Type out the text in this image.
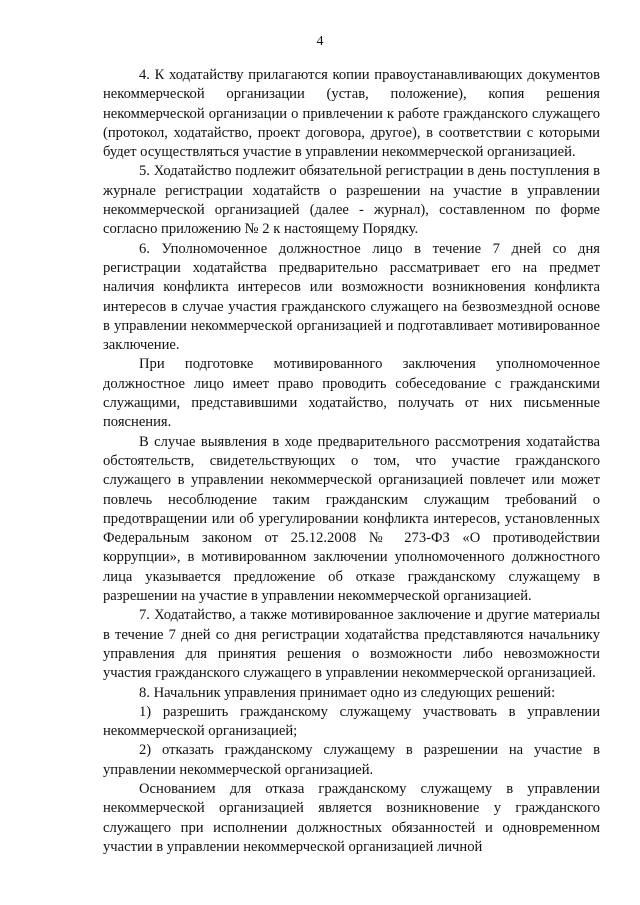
4

4. К ходатайству прилагаются копии правоустанавливающих документов некоммерческой организации (устав, положение), копия решения некоммерческой организации о привлечении к работе гражданского служащего (протокол, ходатайство, проект договора, другое), в соответствии с которыми будет осуществляться участие в управлении некоммерческой организацией.

5. Ходатайство подлежит обязательной регистрации в день поступления в журнале регистрации ходатайств о разрешении на участие в управлении некоммерческой организацией (далее - журнал), составленном по форме согласно приложению № 2 к настоящему Порядку.

6. Уполномоченное должностное лицо в течение 7 дней со дня регистрации ходатайства предварительно рассматривает его на предмет наличия конфликта интересов или возможности возникновения конфликта интересов в случае участия гражданского служащего на безвозмездной основе в управлении некоммерческой организацией и подготавливает мотивированное заключение.

При подготовке мотивированного заключения уполномоченное должностное лицо имеет право проводить собеседование с гражданскими служащими, представившими ходатайство, получать от них письменные пояснения.

В случае выявления в ходе предварительного рассмотрения ходатайства обстоятельств, свидетельствующих о том, что участие гражданского служащего в управлении некоммерческой организацией повлечет или может повлечь несоблюдение таким гражданским служащим требований о предотвращении или об урегулировании конфликта интересов, установленных Федеральным законом от 25.12.2008 № 273-ФЗ «О противодействии коррупции», в мотивированном заключении уполномоченного должностного лица указывается предложение об отказе гражданскому служащему в разрешении на участие в управлении некоммерческой организацией.

7. Ходатайство, а также мотивированное заключение и другие материалы в течение 7 дней со дня регистрации ходатайства представляются начальнику управления для принятия решения о возможности либо невозможности участия гражданского служащего в управлении некоммерческой организацией.

8. Начальник управления принимает одно из следующих решений:

1) разрешить гражданскому служащему участвовать в управлении некоммерческой организацией;

2) отказать гражданскому служащему в разрешении на участие в управлении некоммерческой организацией.

Основанием для отказа гражданскому служащему в управлении некоммерческой организацией является возникновение у гражданского служащего при исполнении должностных обязанностей и одновременном участии в управлении некоммерческой организацией личной
